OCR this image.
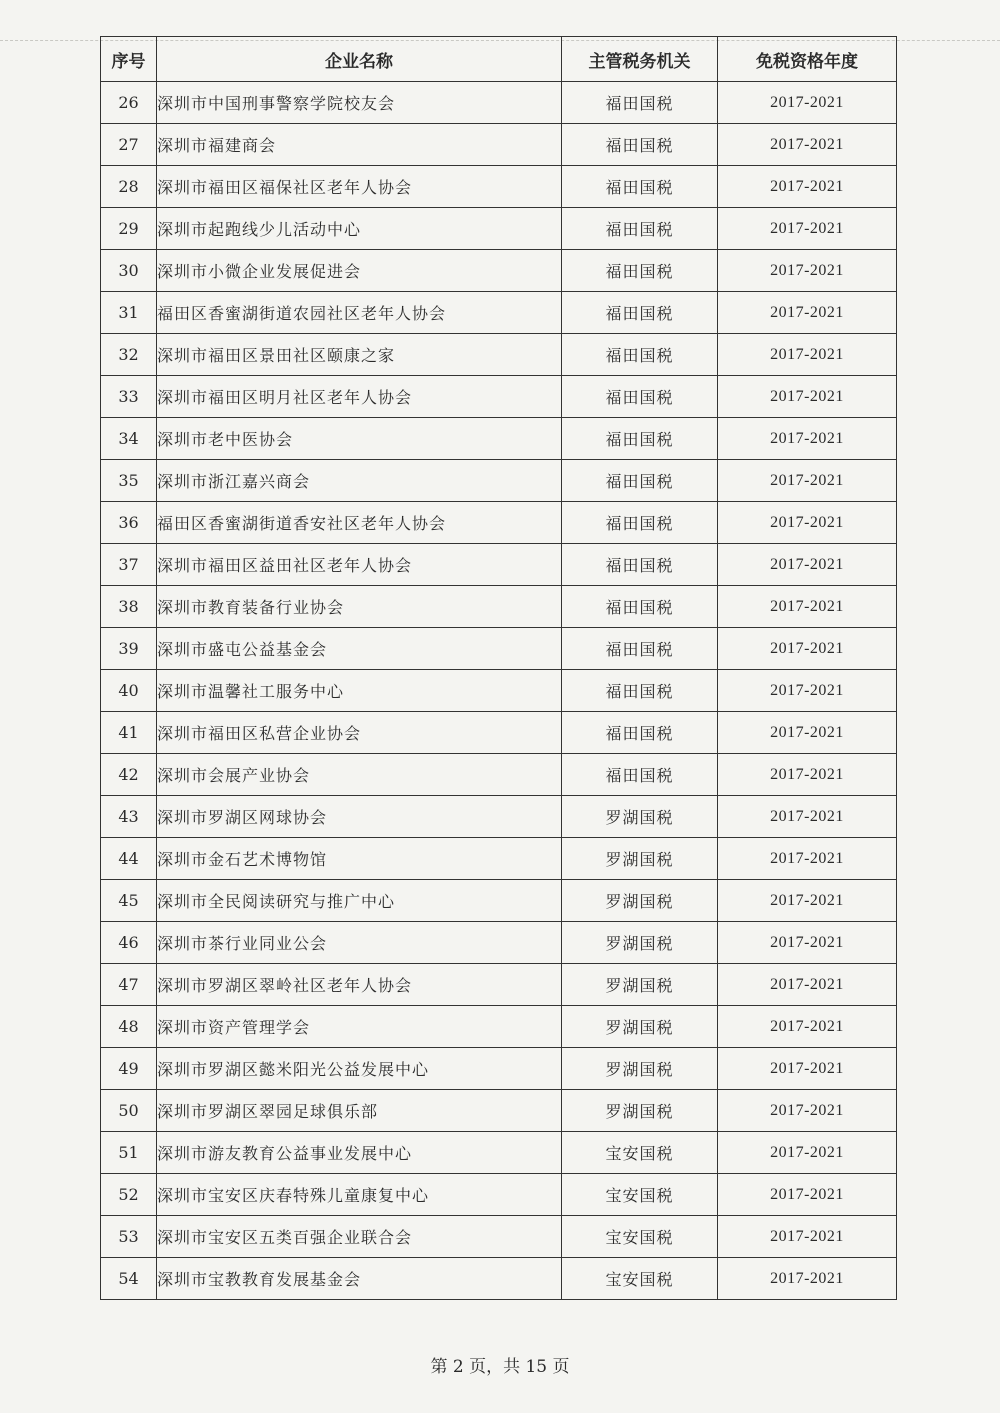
序号	企业名称	主管税务机关	免税资格年度
26	深圳市中国刑事警察学院校友会	福田国税	2017-2021
27	深圳市福建商会	福田国税	2017-2021
28	深圳市福田区福保社区老年人协会	福田国税	2017-2021
29	深圳市起跑线少儿活动中心	福田国税	2017-2021
30	深圳市小微企业发展促进会	福田国税	2017-2021
31	福田区香蜜湖街道农园社区老年人协会	福田国税	2017-2021
32	深圳市福田区景田社区颐康之家	福田国税	2017-2021
33	深圳市福田区明月社区老年人协会	福田国税	2017-2021
34	深圳市老中医协会	福田国税	2017-2021
35	深圳市浙江嘉兴商会	福田国税	2017-2021
36	福田区香蜜湖街道香安社区老年人协会	福田国税	2017-2021
37	深圳市福田区益田社区老年人协会	福田国税	2017-2021
38	深圳市教育装备行业协会	福田国税	2017-2021
39	深圳市盛屯公益基金会	福田国税	2017-2021
40	深圳市温馨社工服务中心	福田国税	2017-2021
41	深圳市福田区私营企业协会	福田国税	2017-2021
42	深圳市会展产业协会	福田国税	2017-2021
43	深圳市罗湖区网球协会	罗湖国税	2017-2021
44	深圳市金石艺术博物馆	罗湖国税	2017-2021
45	深圳市全民阅读研究与推广中心	罗湖国税	2017-2021
46	深圳市茶行业同业公会	罗湖国税	2017-2021
47	深圳市罗湖区翠岭社区老年人协会	罗湖国税	2017-2021
48	深圳市资产管理学会	罗湖国税	2017-2021
49	深圳市罗湖区懿米阳光公益发展中心	罗湖国税	2017-2021
50	深圳市罗湖区翠园足球俱乐部	罗湖国税	2017-2021
51	深圳市游友教育公益事业发展中心	宝安国税	2017-2021
52	深圳市宝安区庆春特殊儿童康复中心	宝安国税	2017-2021
53	深圳市宝安区五类百强企业联合会	宝安国税	2017-2021
54	深圳市宝教教育发展基金会	宝安国税	2017-2021
第 2 页，共 15 页
